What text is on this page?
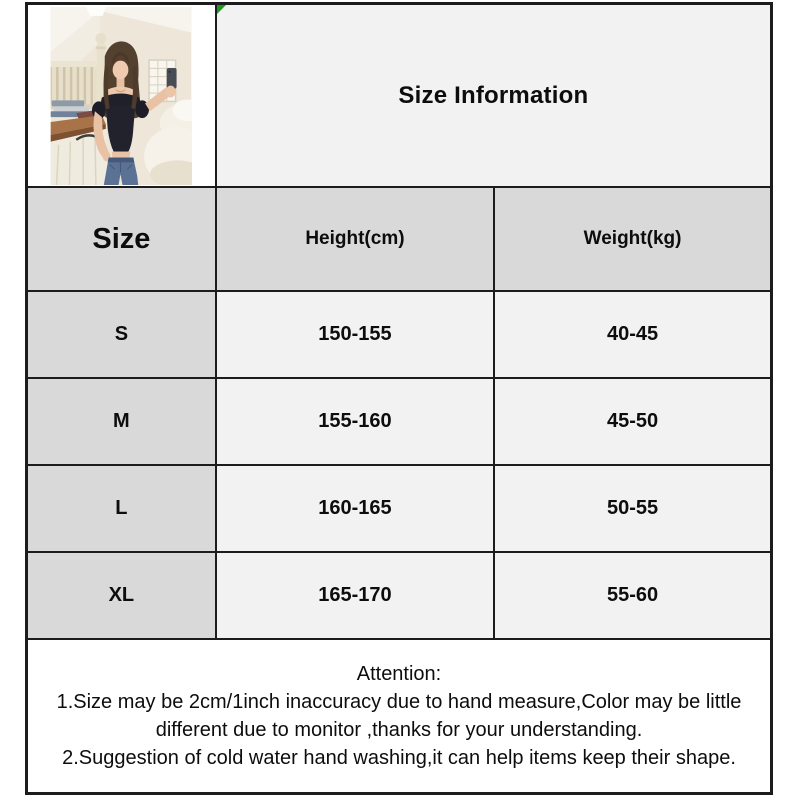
Size Information	
Size	Height(cm)	Weight(kg)
S	150-155	40-45
M	155-160	45-50
L	160-165	50-55
XL	165-170	55-60

Attention:

1.Size may be 2cm/1inch inaccuracy due to hand measure,Color may be little different due to monitor ,thanks for your understanding.

2.Suggestion of cold water hand washing,it can help items keep their shape.		
